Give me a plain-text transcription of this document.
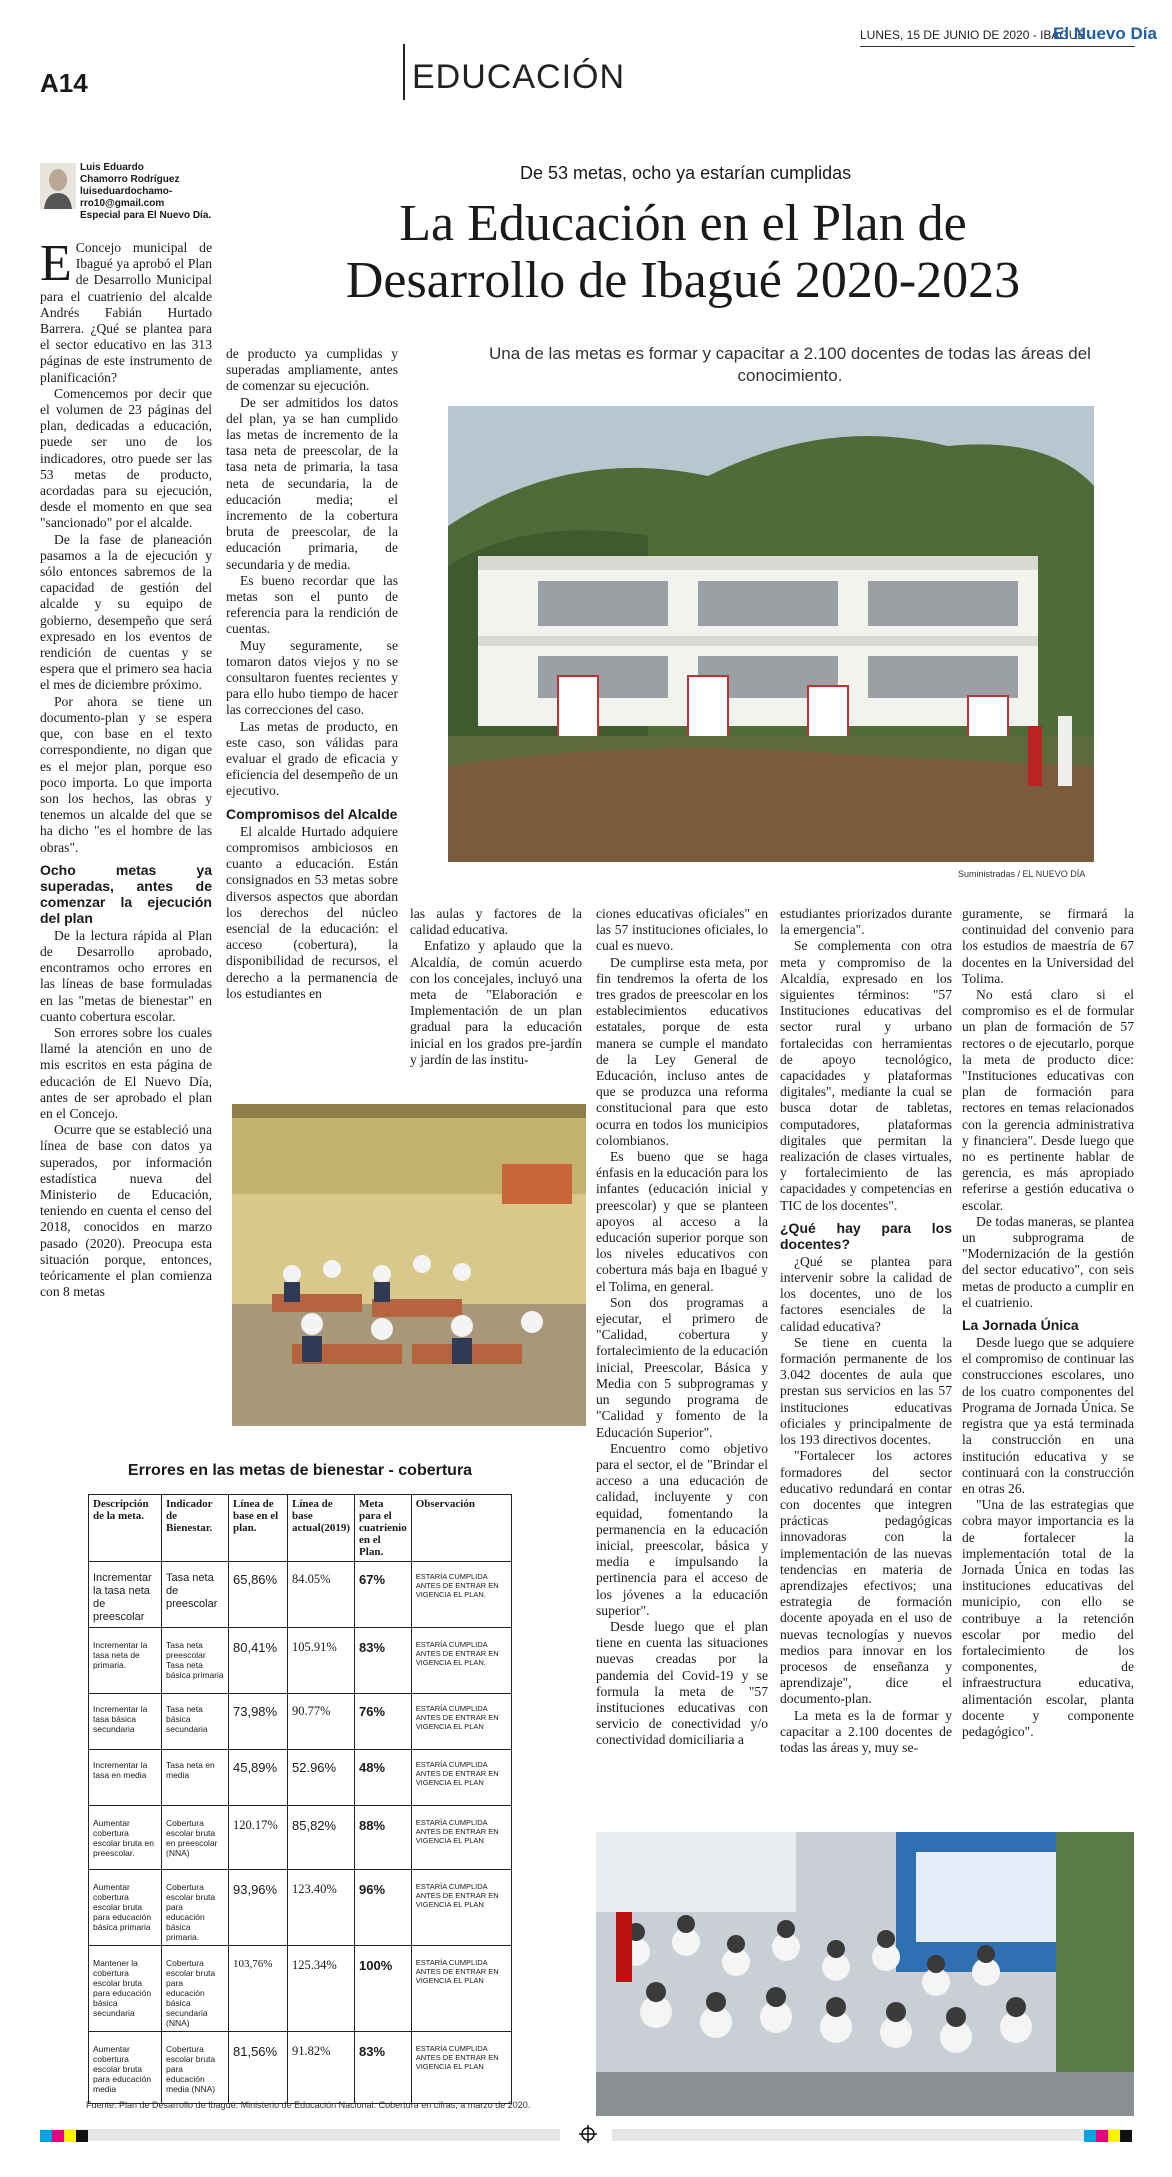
LUNES, 15 DE JUNIO DE 2020 - IBAGUÉ
El Nuevo Día
A14	EDUCACIÓN
Luis Eduardo
Chamorro Rodríguez
luiseduardochamo-
rro10@gmail.com
Especial para El Nuevo Día.
De 53 metas, ocho ya estarían cumplidas
La Educación en el Plan de
Desarrollo de Ibagué 2020-2023
Una de las metas es formar y capacitar a 2.100 docentes de todas las áreas del conocimiento.
Suministradas / EL NUEVO DÍA

E Concejo municipal de Ibagué ya aprobó el Plan de Desarrollo Municipal para el cuatrienio del alcalde Andrés Fabián Hurtado Barrera. ¿Qué se plantea para el sector educativo en las 313 páginas de este instrumento de planificación?

Comencemos por decir que el volumen de 23 páginas del plan, dedicadas a educación, puede ser uno de los indicadores, otro puede ser las 53 metas de producto, acordadas para su ejecución, desde el momento en que sea "sancionado" por el alcalde.

De la fase de planeación pasamos a la de ejecución y sólo entonces sabremos de la capacidad de gestión del alcalde y su equipo de gobierno, desempeño que será expresado en los eventos de rendición de cuentas y se espera que el primero sea hacia el mes de diciembre próximo.

Por ahora se tiene un documento-plan y se espera que, con base en el texto correspondiente, no digan que es el mejor plan, porque eso poco importa. Lo que importa son los hechos, las obras y tenemos un alcalde del que se ha dicho "es el hombre de las obras".

Ocho metas ya superadas, antes de comenzar la ejecución del plan

De la lectura rápida al Plan de Desarrollo aprobado, encontramos ocho errores en las líneas de base formuladas en las "metas de bienestar" en cuanto cobertura escolar.

Son errores sobre los cuales llamé la atención en uno de mis escritos en esta página de educación de El Nuevo Día, antes de ser aprobado el plan en el Concejo.

Ocurre que se estableció una línea de base con datos ya superados, por información estadística nueva del Ministerio de Educación, teniendo en cuenta el censo del 2018, conocidos en marzo pasado (2020). Preocupa esta situación porque, entonces, teóricamente el plan comienza con 8 metas

de producto ya cumplidas y superadas ampliamente, antes de comenzar su ejecución.

De ser admitidos los datos del plan, ya se han cumplido las metas de incremento de la tasa neta de preescolar, de la tasa neta de primaria, la tasa neta de secundaria, la de educación media; el incremento de la cobertura bruta de preescolar, de la educación primaria, de secundaria y de media.

Es bueno recordar que las metas son el punto de referencia para la rendición de cuentas.

Muy seguramente, se tomaron datos viejos y no se consultaron fuentes recientes y para ello hubo tiempo de hacer las correcciones del caso.

Las metas de producto, en este caso, son válidas para evaluar el grado de eficacia y eficiencia del desempeño de un ejecutivo.

Compromisos del Alcalde

El alcalde Hurtado adquiere compromisos ambiciosos en cuanto a educación. Están consignados en 53 metas sobre diversos aspectos que abordan los derechos del núcleo esencial de la educación: el acceso (cobertura), la disponibilidad de recursos, el derecho a la permanencia de los estudiantes en

las aulas y factores de la calidad educativa.

Enfatizo y aplaudo que la Alcaldía, de común acuerdo con los concejales, incluyó una meta de "Elaboración e Implementación de un plan gradual para la educación inicial en los grados pre-jardín y jardín de las institu-

Errores en las metas de bienestar - cobertura
Descripción de la meta.	Indicador de Bienestar.	Línea de base en el plan.	Línea de base actual(2019)	Meta para el cuatrienio en el Plan.	Observación
Incrementar la tasa neta de preescolar	Tasa neta de preescolar	65,86%	84.05%	67%	ESTARÍA CUMPLIDA ANTES DE ENTRAR EN VIGENCIA EL PLAN.
Incrementar la tasa neta de primaria.	Tasa neta preescolar Tasa neta básica primaria	80,41%	105.91%	83%	ESTARÍA CUMPLIDA ANTES DE ENTRAR EN VIGENCIA EL PLAN.
Incrementar la tasa básica secundaria	Tasa neta básica secundaria	73,98%	90.77%	76%	ESTARÍA CUMPLIDA ANTES DE ENTRAR EN VIGENCIA EL PLAN
Incrementar la tasa en media	Tasa neta en media	45,89%	52.96%	48%	ESTARÍA CUMPLIDA ANTES DE ENTRAR EN VIGENCIA EL PLAN
Aumentar cobertura escolar bruta en preescolar.	Cobertura escolar bruta en preescolar (NNA)	120.17%	85,82%	88%	ESTARÍA CUMPLIDA ANTES DE ENTRAR EN VIGENCIA EL PLAN
Aumentar cobertura escolar bruta para educación básica primaria	Cobertura escolar bruta para educación básica primaria.	93,96%	123.40%	96%	ESTARÍA CUMPLIDA ANTES DE ENTRAR EN VIGENCIA EL PLAN
Mantener la cobertura escolar bruta para educación básica secundaria	Cobertura escolar bruta para educación básica secundaria (NNA)	103,76%	125.34%	100%	ESTARÍA CUMPLIDA ANTES DE ENTRAR EN VIGENCIA EL PLAN
Aumentar cobertura escolar bruta para educación media	Cobertura escolar bruta para educación media (NNA)	81,56%	91.82%	83%	ESTARÍA CUMPLIDA ANTES DE ENTRAR EN VIGENCIA EL PLAN
Fuente: Plan de Desarrollo de Ibagué. Ministerio de Educación Nacional. Cobertura en cifras, a marzo de 2020.

ciones educativas oficiales" en las 57 instituciones oficiales, lo cual es nuevo.

De cumplirse esta meta, por fin tendremos la oferta de los tres grados de preescolar en los establecimientos educativos estatales, porque de esta manera se cumple el mandato de la Ley General de Educación, incluso antes de que se produzca una reforma constitucional para que esto ocurra en todos los municipios colombianos.

Es bueno que se haga énfasis en la educación para los infantes (educación inicial y preescolar) y que se planteen apoyos al acceso a la educación superior porque son los niveles educativos con cobertura más baja en Ibagué y el Tolima, en general.

Son dos programas a ejecutar, el primero de "Calidad, cobertura y fortalecimiento de la educación inicial, Preescolar, Básica y Media con 5 subprogramas y un segundo programa de "Calidad y fomento de la Educación Superior".

Encuentro como objetivo para el sector, el de "Brindar el acceso a una educación de calidad, incluyente y con equidad, fomentando la permanencia en la educación inicial, preescolar, básica y media e impulsando la pertinencia para el acceso de los jóvenes a la educación superior".

Desde luego que el plan tiene en cuenta las situaciones nuevas creadas por la pandemia del Covid-19 y se formula la meta de "57 instituciones educativas con servicio de conectividad y/o conectividad domiciliaria a

estudiantes priorizados durante la emergencia".

Se complementa con otra meta y compromiso de la Alcaldía, expresado en los siguientes términos: "57 Instituciones educativas del sector rural y urbano fortalecidas con herramientas de apoyo tecnológico, capacidades y plataformas digitales", mediante la cual se busca dotar de tabletas, computadores, plataformas digitales que permitan la realización de clases virtuales, y fortalecimiento de las capacidades y competencias en TIC de los docentes".

¿Qué hay para los docentes?

¿Qué se plantea para intervenir sobre la calidad de los docentes, uno de los factores esenciales de la calidad educativa?

Se tiene en cuenta la formación permanente de los 3.042 docentes de aula que prestan sus servicios en las 57 instituciones educativas oficiales y principalmente de los 193 directivos docentes.

"Fortalecer los actores formadores del sector educativo redundará en contar con docentes que integren prácticas pedagógicas innovadoras con la implementación de las nuevas tendencias en materia de aprendizajes efectivos; una estrategia de formación docente apoyada en el uso de nuevas tecnologías y nuevos medios para innovar en los procesos de enseñanza y aprendizaje", dice el documento-plan.

La meta es la de formar y capacitar a 2.100 docentes de todas las áreas y, muy se-

guramente, se firmará la continuidad del convenio para los estudios de maestría de 67 docentes en la Universidad del Tolima.

No está claro si el compromiso es el de formular un plan de formación de 57 rectores o de ejecutarlo, porque la meta de producto dice: "Instituciones educativas con plan de formación para rectores en temas relacionados con la gerencia administrativa y financiera". Desde luego que no es pertinente hablar de gerencia, es más apropiado referirse a gestión educativa o escolar.

De todas maneras, se plantea un subprograma de "Modernización de la gestión del sector educativo", con seis metas de producto a cumplir en el cuatrienio.

La Jornada Única

Desde luego que se adquiere el compromiso de continuar las construcciones escolares, uno de los cuatro componentes del Programa de Jornada Única. Se registra que ya está terminada la construcción en una institución educativa y se continuará con la construcción en otras 26.

"Una de las estrategias que cobra mayor importancia es la de fortalecer la implementación total de la Jornada Única en todas las instituciones educativas del municipio, con ello se contribuye a la retención escolar por medio del fortalecimiento de los componentes, de infraestructura educativa, alimentación escolar, planta docente y componente pedagógico".
